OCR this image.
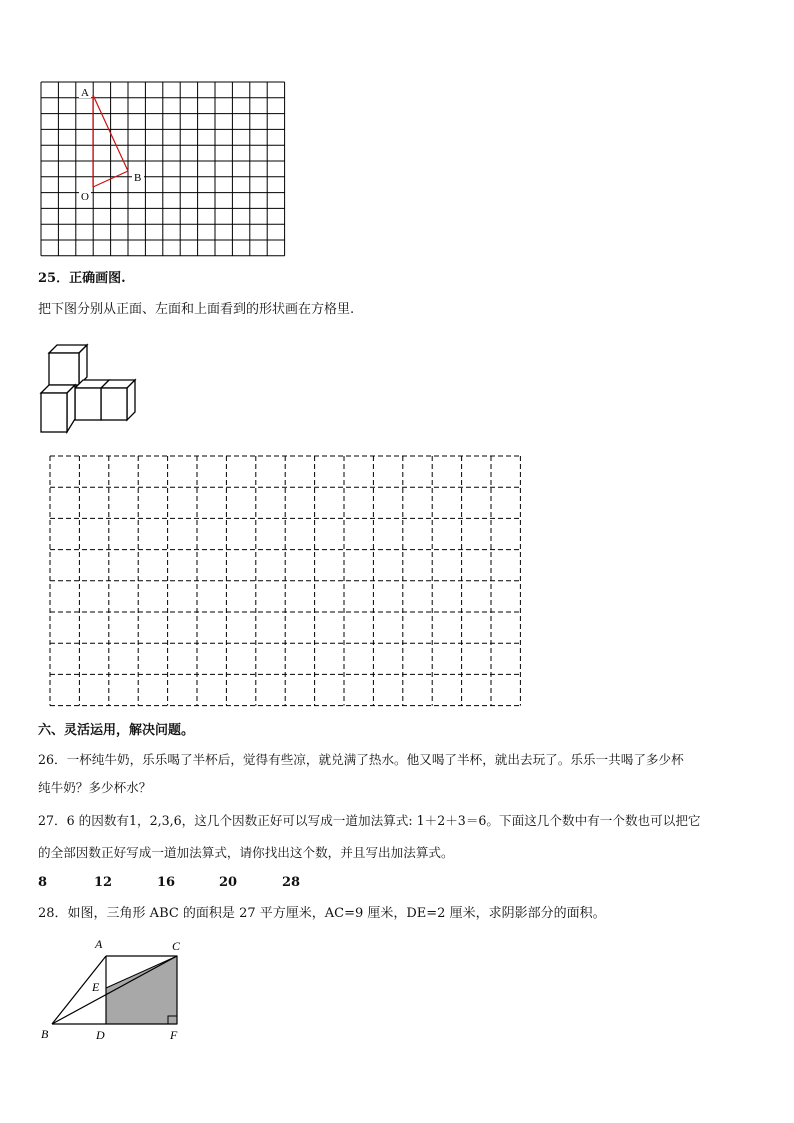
A
B
O
25．正确画图.
把下图分别从正面、左面和上面看到的形状画在方格里.
六、灵活运用，解决问题。
26．一杯纯牛奶，乐乐喝了半杯后，觉得有些凉，就兑满了热水。他又喝了半杯，就出去玩了。乐乐一共喝了多少杯
纯牛奶？多少杯水？
27．6 的因数有1，2,3,6，这几个因数正好可以写成一道加法算式: 1＋2＋3＝6。下面这几个数中有一个数也可以把它
的全部因数正好写成一道加法算式，请你找出这个数，并且写出加法算式。
8	12	16	20	28
28．如图，三角形 ABC 的面积是 27 平方厘米，AC=9 厘米，DE=2 厘米，求阴影部分的面积。
A	C
E
B	D	F
